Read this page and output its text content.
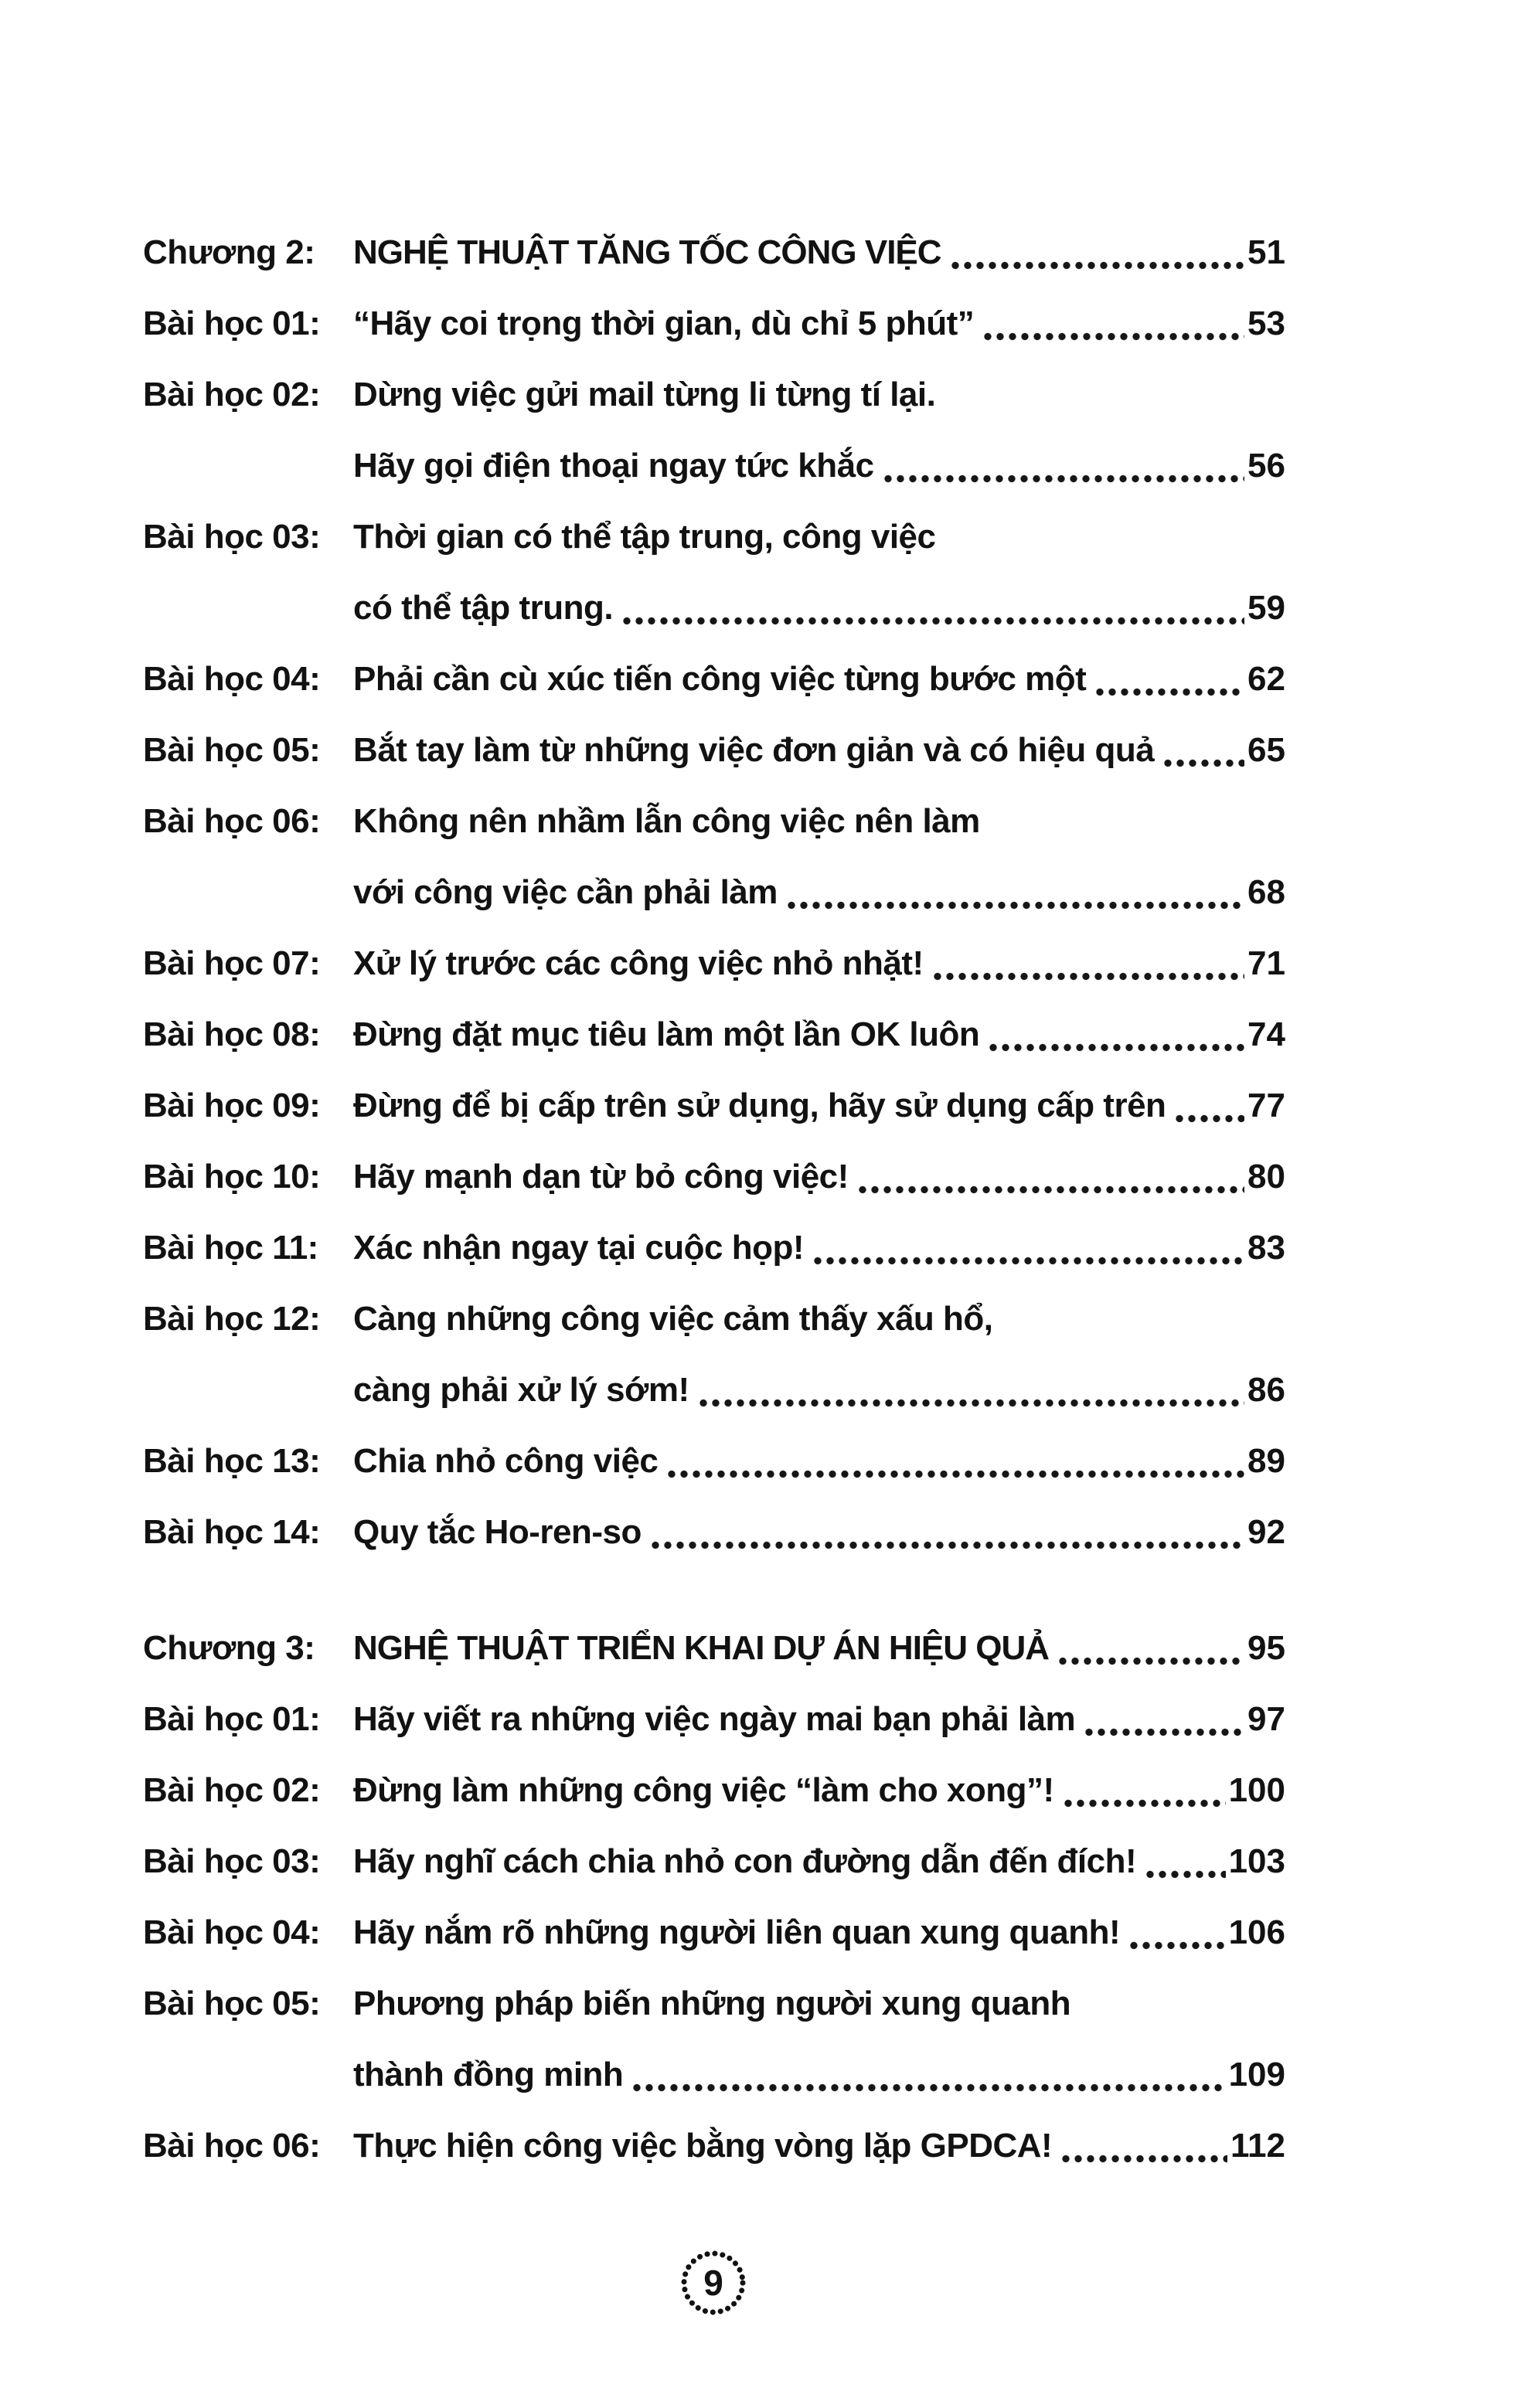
Chương 2:	NGHỆ THUẬT TĂNG TỐC CÔNG VIỆC	51
Bài học 01: “Hãy coi trọng thời gian, dù chỉ 5 phút”	53
Bài học 02: Dừng việc gửi mail từng li từng tí lại.
Hãy gọi điện thoại ngay tức khắc	56
Bài học 03: Thời gian có thể tập trung, công việc
có thể tập trung.	59
Bài học 04: Phải cần cù xúc tiến công việc từng bước một	62
Bài học 05: Bắt tay làm từ những việc đơn giản và có hiệu quả	65
Bài học 06: Không nên nhầm lẫn công việc nên làm
với công việc cần phải làm	68
Bài học 07: Xử lý trước các công việc nhỏ nhặt!	71
Bài học 08: Đừng đặt mục tiêu làm một lần OK luôn	74
Bài học 09: Đừng để bị cấp trên sử dụng, hãy sử dụng cấp trên 77
Bài học 10: Hãy mạnh dạn từ bỏ công việc!	80
Bài học 11:	Xác nhận ngay tại cuộc họp!	83
Bài học 12: Càng những công việc cảm thấy xấu hổ,
càng phải xử lý sớm!	86
Bài học 13: Chia nhỏ công việc	89
Bài học 14: Quy tắc Ho-ren-so	92
Chương 3:	NGHỆ THUẬT TRIỂN KHAI DỰ ÁN HIỆU QUẢ	95
Bài học 01: Hãy viết ra những việc ngày mai bạn phải làm	97
Bài học 02: Đừng làm những công việc “làm cho xong”!	100
Bài học 03: Hãy nghĩ cách chia nhỏ con đường dẫn đến đích!	103
Bài học 04: Hãy nắm rõ những người liên quan xung quanh!	106
Bài học 05: Phương pháp biến những người xung quanh
thành đồng minh	109
Bài học 06: Thực hiện công việc bằng vòng lặp GPDCA!	112
9
